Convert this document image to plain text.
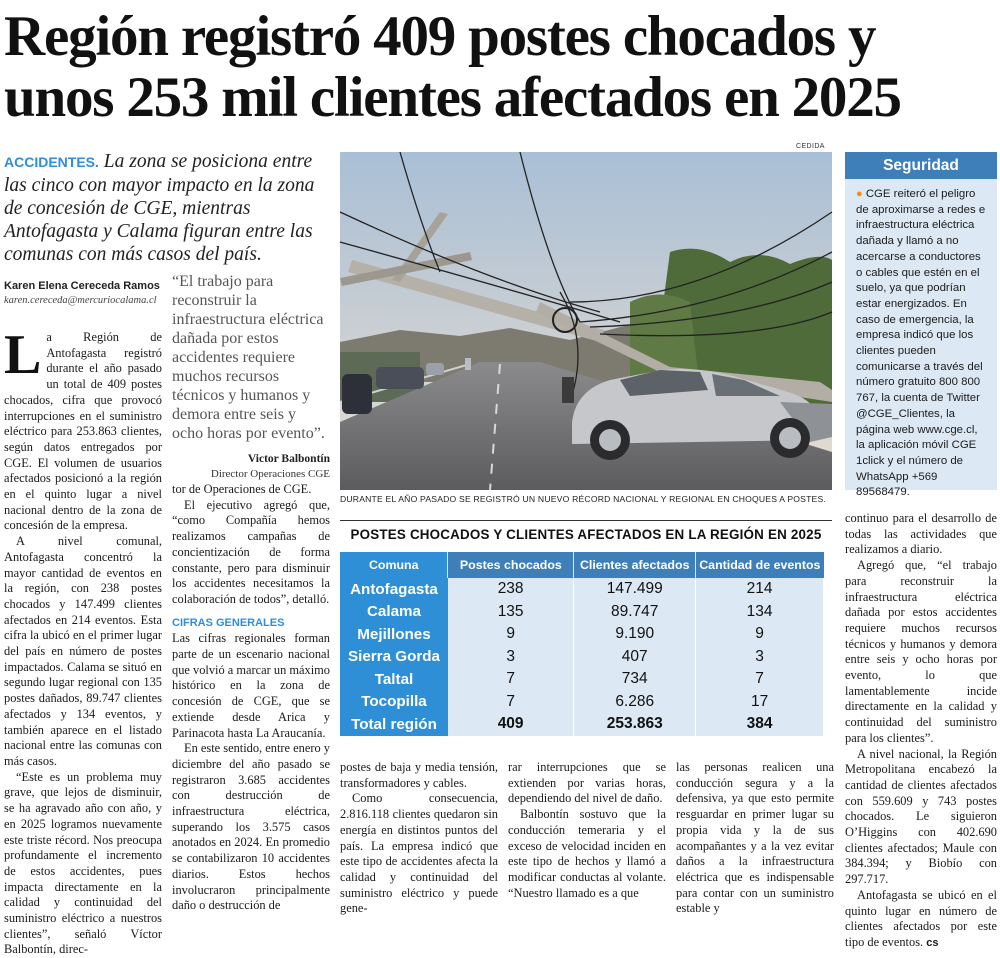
Región registró 409 postes chocados y unos 253 mil clientes afectados en 2025
ACCIDENTES. La zona se posiciona entre las cinco con mayor impacto en la zona de concesión de CGE, mientras Antofagasta y Calama figuran entre las comunas con más casos del país.
Karen Elena Cereceda Ramos
karen.cereceda@mercuriocalama.cl
“El trabajo para reconstruir la infraestructura eléctrica dañada por estos accidentes requiere muchos recursos técnicos y humanos y demora entre seis y ocho horas por evento”.
Victor Balbontín
Director Operaciones CGE

La Región de Antofagasta registró durante el año pasado un total de 409 postes chocados, cifra que provocó interrupciones en el suministro eléctrico para 253.863 clientes, según datos entregados por CGE. El volumen de usuarios afectados posicionó a la región en el quinto lugar a nivel nacional dentro de la zona de concesión de la empresa.

A nivel comunal, Antofagasta concentró la mayor cantidad de eventos en la región, con 238 postes chocados y 147.499 clientes afectados en 214 eventos. Esta cifra la ubicó en el primer lugar del país en número de postes impactados. Calama se situó en segundo lugar regional con 135 postes dañados, 89.747 clientes afectados y 134 eventos, y también aparece en el listado nacional entre las comunas con más casos.

“Este es un problema muy grave, que lejos de disminuir, se ha agravado año con año, y en 2025 logramos nuevamente este triste récord. Nos preocupa profundamente el incremento de estos accidentes, pues impacta directamente en la calidad y continuidad del suministro eléctrico a nuestros clientes”, señaló Víctor Balbontín, direc-

tor de Operaciones de CGE.

El ejecutivo agregó que, “como Compañía hemos realizamos campañas de concientización de forma constante, pero para disminuir los accidentes necesitamos la colaboración de todos”, detalló.

CIFRAS GENERALES

Las cifras regionales forman parte de un escenario nacional que volvió a marcar un máximo histórico en la zona de concesión de CGE, que se extiende desde Arica y Parinacota hasta La Araucanía.

En este sentido, entre enero y diciembre del año pasado se registraron 3.685 accidentes con destrucción de infraestructura eléctrica, superando los 3.575 casos anotados en 2024. En promedio se contabilizaron 10 accidentes diarios. Estos hechos involucraron principalmente daño o destrucción de

CEDIDA
DURANTE EL AÑO PASADO SE REGISTRÓ UN NUEVO RÉCORD NACIONAL Y REGIONAL EN CHOQUES A POSTES.
Seguridad
● CGE reiteró el peligro de aproximarse a redes e infraestructura eléctrica dañada y llamó a no acercarse a conductores o cables que estén en el suelo, ya que podrían estar energizados. En caso de emergencia, la empresa indicó que los clientes pueden comunicarse a través del número gratuito 800 800 767, la cuenta de Twitter @CGE_Clientes, la página web www.cge.cl, la aplicación móvil CGE 1click y el número de WhatsApp +569 89568479.
POSTES CHOCADOS Y CLIENTES AFECTADOS EN LA REGIÓN EN 2025
Comuna	Postes chocados	Clientes afectados	Cantidad de eventos
Antofagasta	238	147.499	214
Calama	135	89.747	134
Mejillones	9	9.190	9
Sierra Gorda	3	407	3
Taltal	7	734	7
Tocopilla	7	6.286	17
Total región	409	253.863	384

postes de baja y media tensión, transformadores y cables.

Como consecuencia, 2.816.118 clientes quedaron sin energía en distintos puntos del país. La empresa indicó que este tipo de accidentes afecta la calidad y continuidad del suministro eléctrico y puede gene-

rar interrupciones que se extienden por varias horas, dependiendo del nivel de daño.

Balbontín sostuvo que la conducción temeraria y el exceso de velocidad inciden en este tipo de hechos y llamó a modificar conductas al volante. “Nuestro llamado es a que

las personas realicen una conducción segura y a la defensiva, ya que esto permite resguardar en primer lugar su propia vida y la de sus acompañantes y a la vez evitar daños a la infraestructura eléctrica que es indispensable para contar con un suministro estable y

continuo para el desarrollo de todas las actividades que realizamos a diario.

Agregó que, “el trabajo para reconstruir la infraestructura eléctrica dañada por estos accidentes requiere muchos recursos técnicos y humanos y demora entre seis y ocho horas por evento, lo que lamentablemente incide directamente en la calidad y continuidad del suministro para los clientes”.

A nivel nacional, la Región Metropolitana encabezó la cantidad de clientes afectados con 559.609 y 743 postes chocados. Le siguieron O’Higgins con 402.690 clientes afectados; Maule con 384.394; y Biobío con 297.717.

Antofagasta se ubicó en el quinto lugar en número de clientes afectados por este tipo de eventos. cs
